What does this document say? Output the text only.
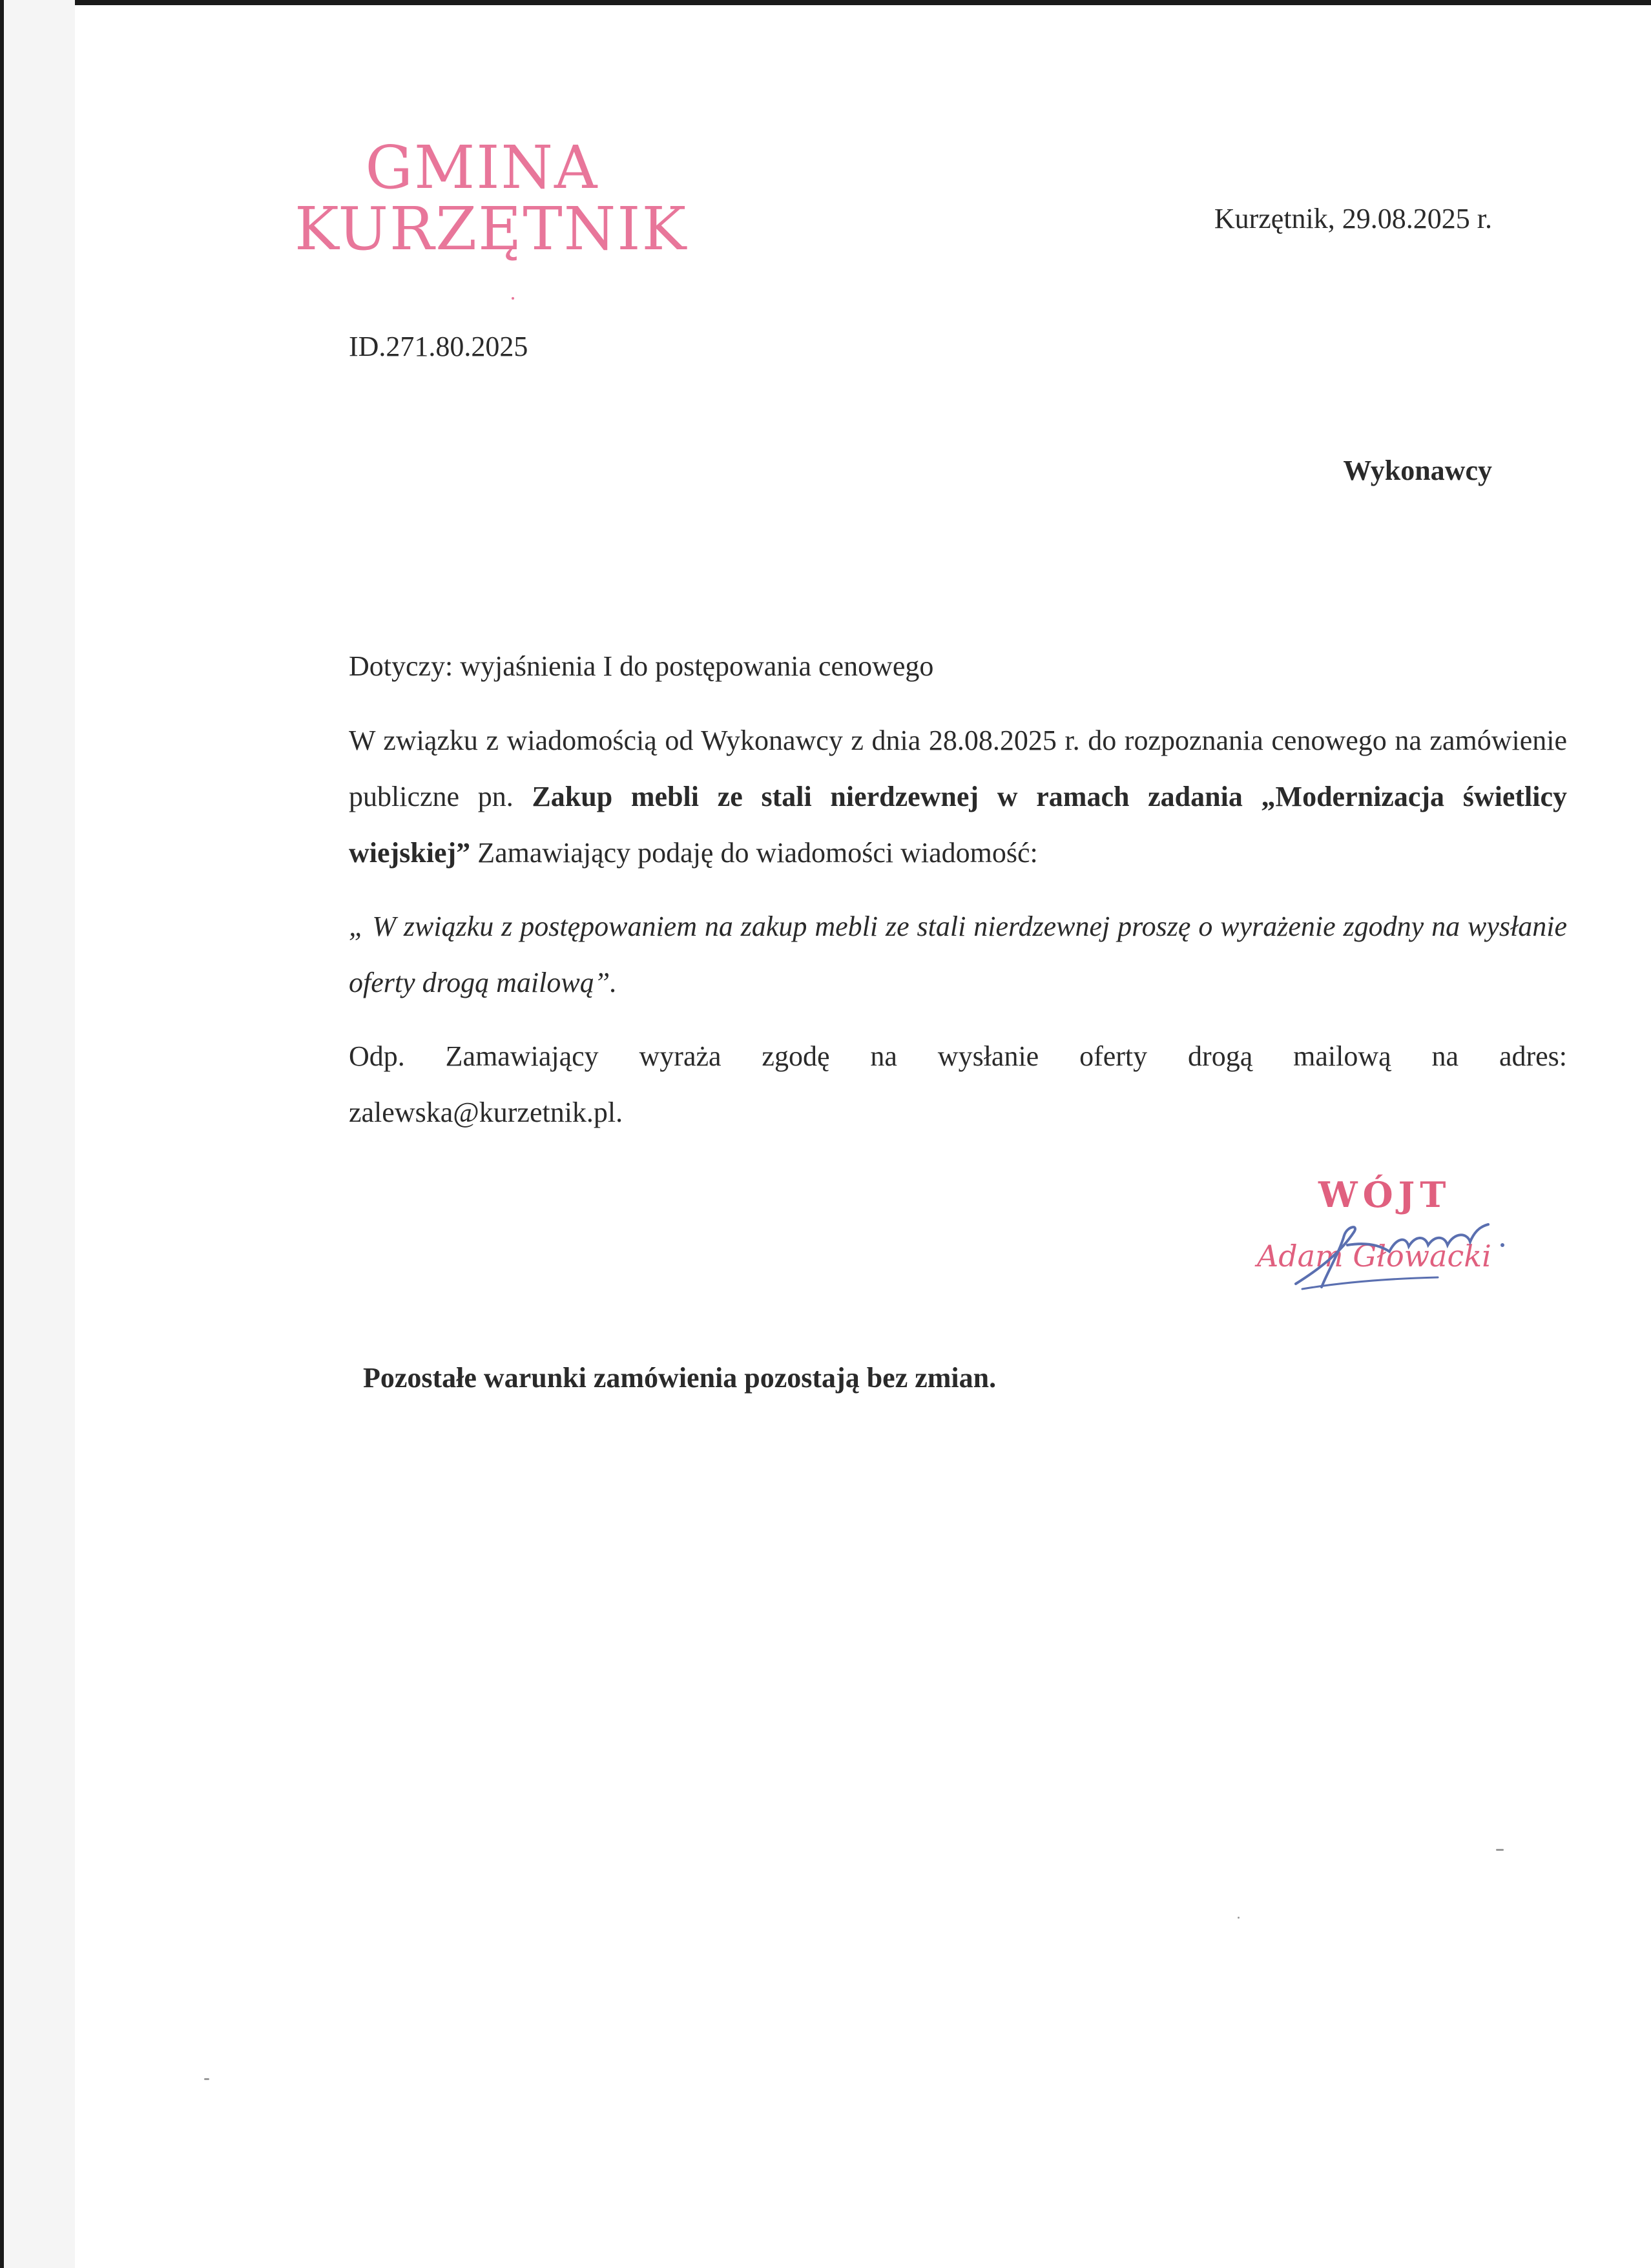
GMINA
KURZĘTNIK	Kurzętnik, 29.08.2025 r.
ID.271.80.2025
Wykonawcy

Dotyczy: wyjaśnienia I do postępowania cenowego

W związku z wiadomością od Wykonawcy z dnia 28.08.2025 r. do rozpoznania cenowego na zamówienie publiczne pn. Zakup mebli ze stali nierdzewnej w ramach zadania „Modernizacja świetlicy wiejskiej” Zamawiający podaję do wiadomości wiadomość:

„ W związku z postępowaniem na zakup mebli ze stali nierdzewnej proszę o wyrażenie zgodny na wysłanie oferty drogą mailową”.

Odp. Zamawiający wyraża zgodę na wysłanie oferty drogą mailową na adres:
zalewska@kurzetnik.pl.

WÓJT
Adam Głowacki
Pozostałe warunki zamówienia pozostają bez zmian.
